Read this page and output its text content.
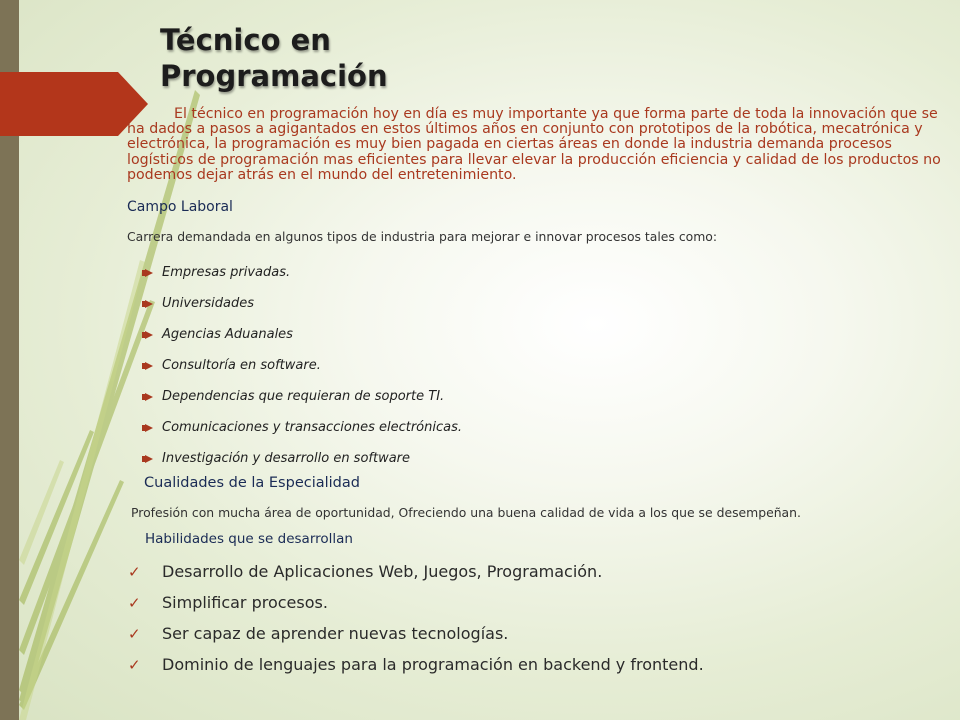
Técnico en
Programación

El técnico en programación hoy en día es muy importante ya que forma parte de toda la innovación que se ha dados a pasos a agigantados en estos últimos años en conjunto con prototipos de la robótica, mecatrónica y electrónica, la programación es muy bien pagada en ciertas áreas en donde la industria demanda procesos logísticos de programación mas eficientes para llevar elevar la producción eficiencia y calidad de los productos no podemos dejar atrás en el mundo del entretenimiento.

Campo Laboral

Carrera demandada en algunos tipos de industria para mejorar e innovar procesos tales como:

Empresas privadas.
Universidades
Agencias Aduanales
Consultoría en software.
Dependencias que requieran de soporte TI.
Comunicaciones y transacciones electrónicas.
Investigación y desarrollo en software

Cualidades de la Especialidad

Profesión con mucha área de oportunidad, Ofreciendo una buena calidad de vida a los que se desempeñan.

Habilidades que se desarrollan

✓	Desarrollo de Aplicaciones Web, Juegos, Programación.
✓	Simplificar procesos.
✓	Ser capaz de aprender nuevas tecnologías.
✓	Dominio de lenguajes para la programación en backend y frontend.
